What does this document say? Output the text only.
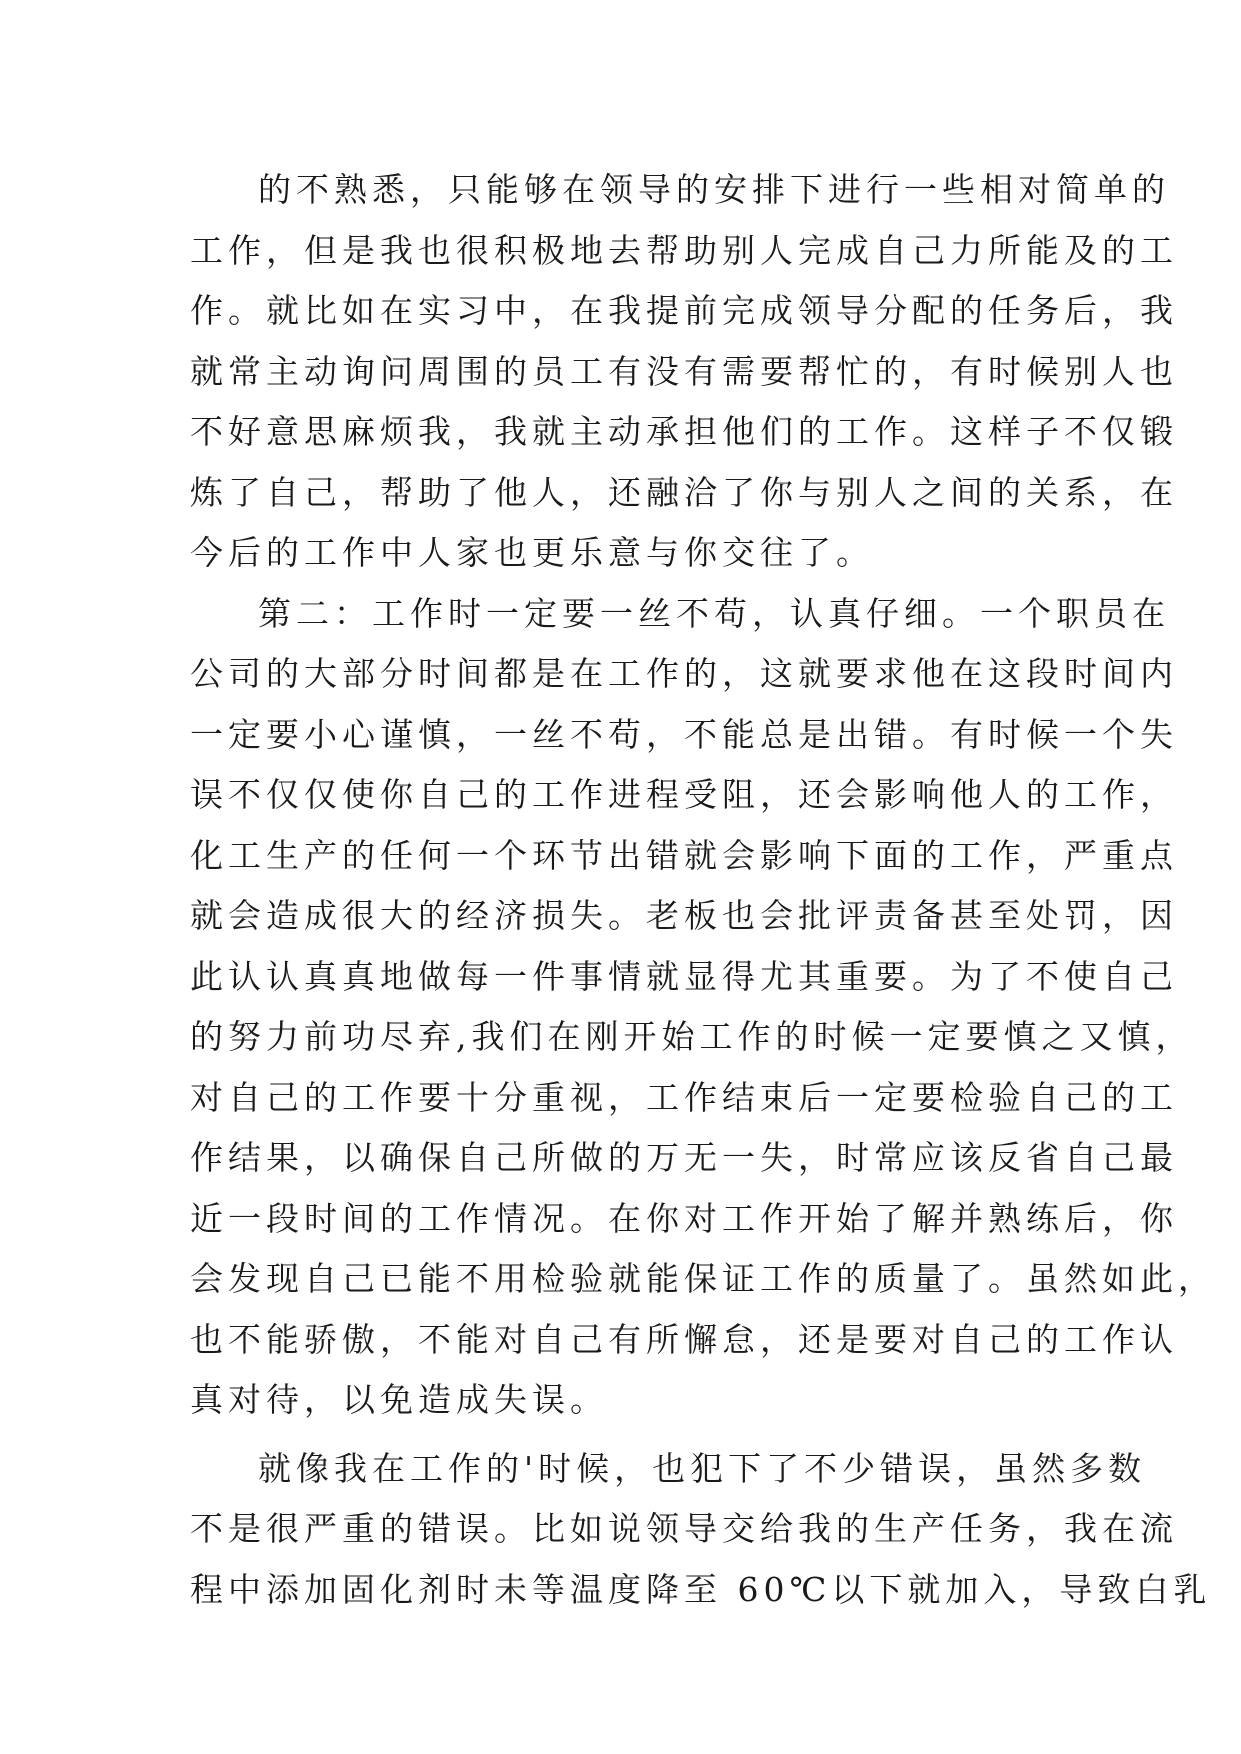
的不熟悉，只能够在领导的安排下进行一些相对简单的
工作，但是我也很积极地去帮助别人完成自己力所能及的工
作。就比如在实习中，在我提前完成领导分配的任务后，我
就常主动询问周围的员工有没有需要帮忙的，有时候别人也
不好意思麻烦我，我就主动承担他们的工作。这样子不仅锻
炼了自己，帮助了他人，还融洽了你与别人之间的关系，在
今后的工作中人家也更乐意与你交往了。
第二：工作时一定要一丝不苟，认真仔细。一个职员在
公司的大部分时间都是在工作的，这就要求他在这段时间内
一定要小心谨慎，一丝不苟，不能总是出错。有时候一个失
误不仅仅使你自己的工作进程受阻，还会影响他人的工作，
化工生产的任何一个环节出错就会影响下面的工作，严重点
就会造成很大的经济损失。老板也会批评责备甚至处罚，因
此认认真真地做每一件事情就显得尤其重要。为了不使自己
的努力前功尽弃,我们在刚开始工作的时候一定要慎之又慎，
对自己的工作要十分重视，工作结束后一定要检验自己的工
作结果，以确保自己所做的万无一失，时常应该反省自己最
近一段时间的工作情况。在你对工作开始了解并熟练后，你
会发现自己已能不用检验就能保证工作的质量了。虽然如此，
也不能骄傲，不能对自己有所懈怠，还是要对自己的工作认
真对待，以免造成失误。
就像我在工作的'时候，也犯下了不少错误，虽然多数
不是很严重的错误。比如说领导交给我的生产任务，我在流
程中添加固化剂时未等温度降至 60℃以下就加入，导致白乳
